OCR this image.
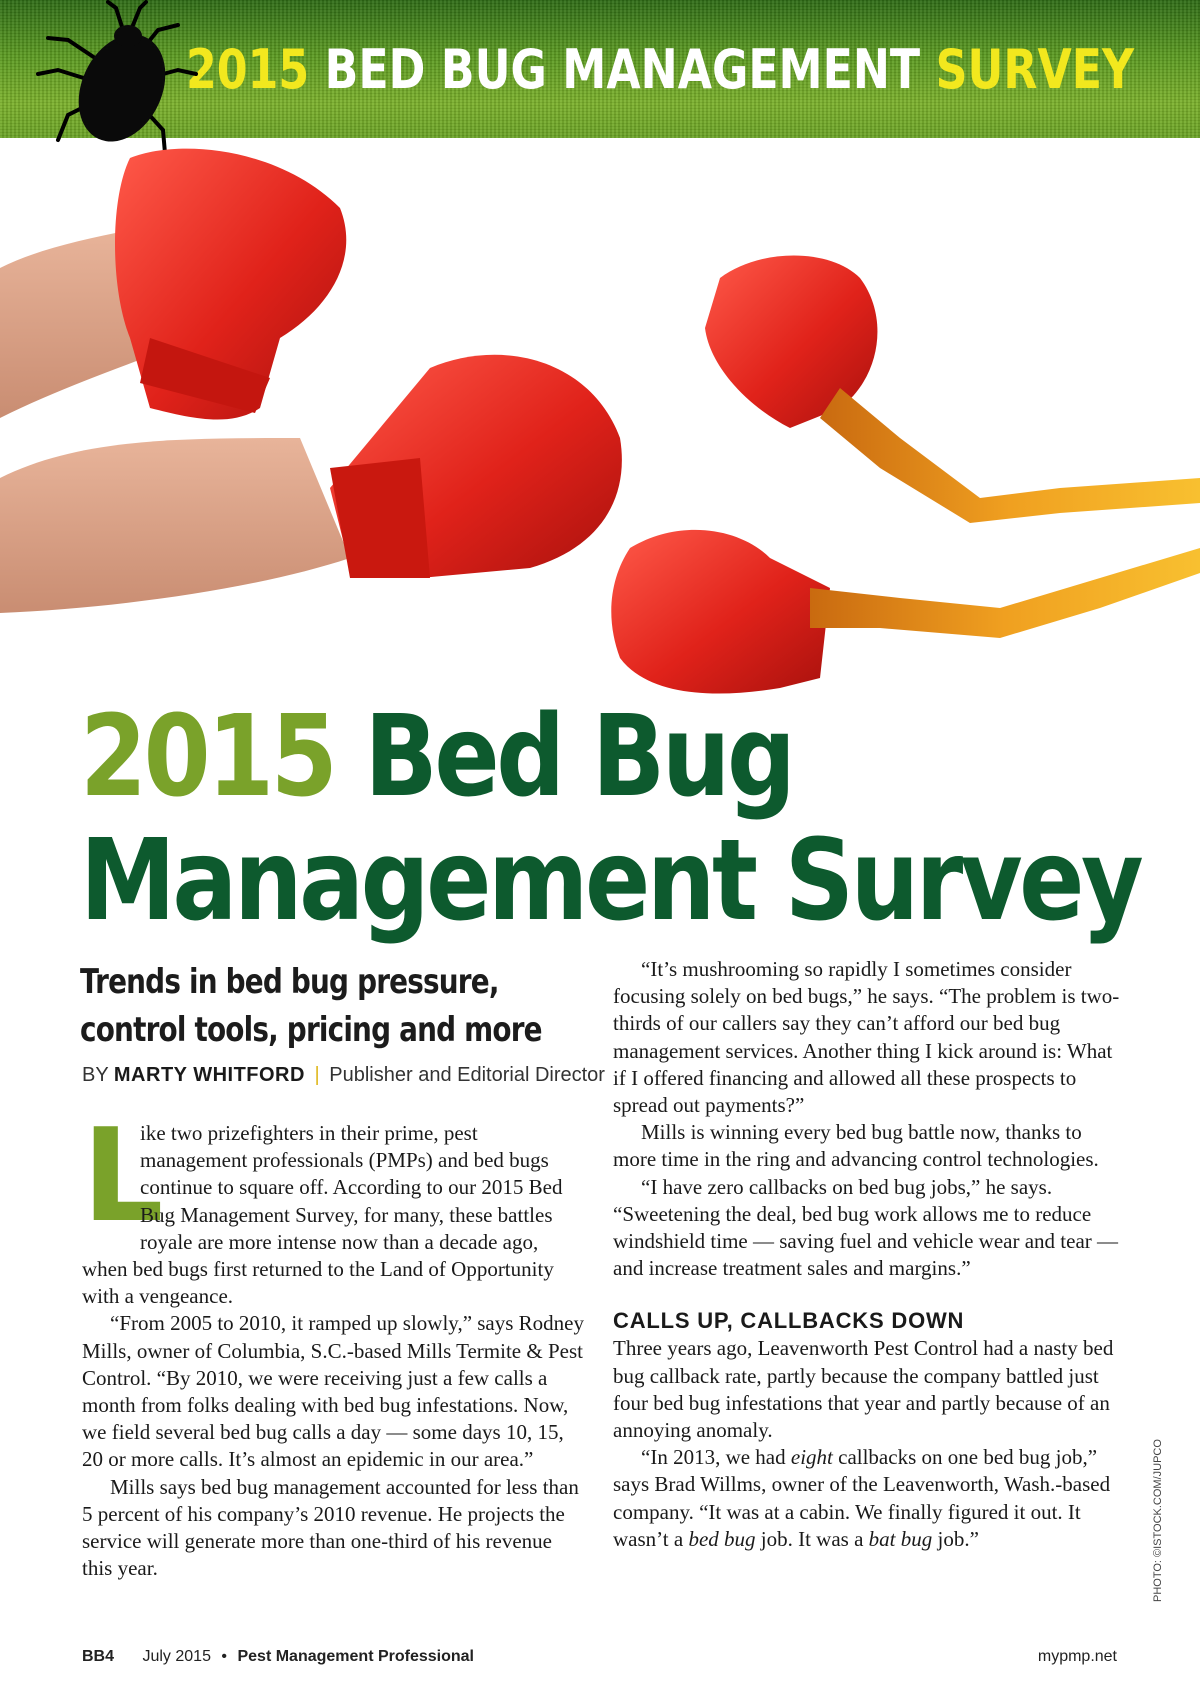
2015 BED BUG MANAGEMENT SURVEY
2015 Bed Bug
Management Survey
Trends in bed bug pressure,
control tools, pricing and more
BY MARTY WHITFORD | Publisher and Editorial Director

L
ike two prizefighters in their prime, pest management professionals (PMPs) and bed bugs continue to square off. According to our 2015 Bed Bug Management Survey, for many, these battles royale are more intense now than a decade ago, when bed bugs first returned to the Land of Opportunity with a vengeance.

“From 2005 to 2010, it ramped up slowly,” says Rodney Mills, owner of Columbia, S.C.-based Mills Termite & Pest Control. “By 2010, we were receiving just a few calls a month from folks dealing with bed bug infestations. Now, we field several bed bug calls a day — some days 10, 15, 20 or more calls. It’s almost an epidemic in our area.”

Mills says bed bug management accounted for less than 5 percent of his company’s 2010 revenue. He projects the service will generate more than one-third of his revenue this year.

“It’s mushrooming so rapidly I sometimes consider focusing solely on bed bugs,” he says. “The problem is two-thirds of our callers say they can’t afford our bed bug management services. Another thing I kick around is: What if I offered financing and allowed all these prospects to spread out payments?”

Mills is winning every bed bug battle now, thanks to more time in the ring and advancing control technologies.

“I have zero callbacks on bed bug jobs,” he says. “Sweetening the deal, bed bug work allows me to reduce windshield time — saving fuel and vehicle wear and tear — and increase treatment sales and margins.”

CALLS UP, CALLBACKS DOWN

Three years ago, Leavenworth Pest Control had a nasty bed bug callback rate, partly because the company battled just four bed bug infestations that year and partly because of an annoying anomaly.

“In 2013, we had eight callbacks on one bed bug job,” says Brad Willms, owner of the Leavenworth, Wash.-based company. “It was at a cabin. We finally figured it out. It wasn’t a bed bug job. It was a bat bug job.”	PHOTO: ©ISTOCK.COM/JUPCO
BB4 July 2015 • Pest Management Professional	mypmp.net
